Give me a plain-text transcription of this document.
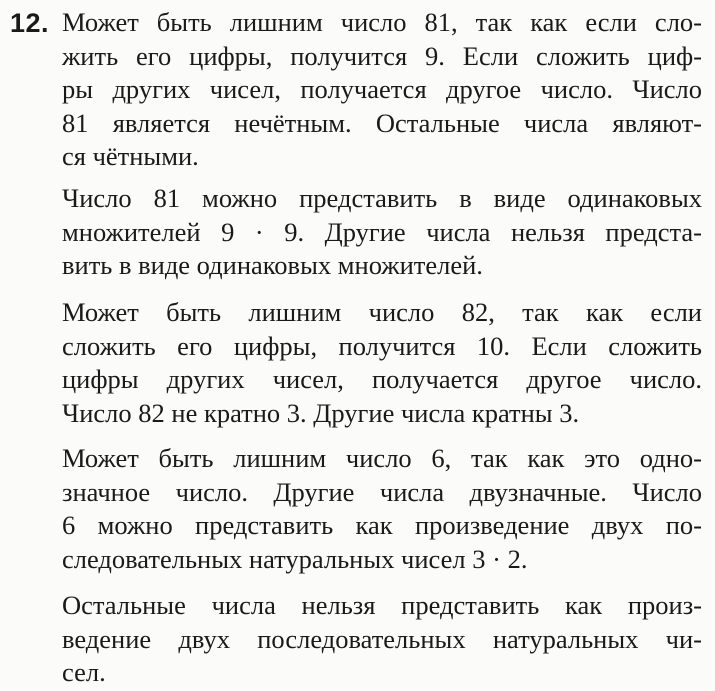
12. Может быть лишним число 81, так как если сло-
жить его цифры, получится 9. Если сложить циф-
ры других чисел, получается другое число. Число
81 является нечётным. Остальные числа являют-
ся чётными.
Число 81 можно представить в виде одинаковых
множителей 9 · 9. Другие числа нельзя предста-
вить в виде одинаковых множителей.
Может быть лишним число 82, так как если
сложить его цифры, получится 10. Если сложить
цифры других чисел, получается другое число.
Число 82 не кратно 3. Другие числа кратны 3.
Может быть лишним число 6, так как это одно-
значное число. Другие числа двузначные. Число
6 можно представить как произведение двух по-
следовательных натуральных чисел 3 · 2.
Остальные числа нельзя представить как произ-
ведение двух последовательных натуральных чи-
сел.
